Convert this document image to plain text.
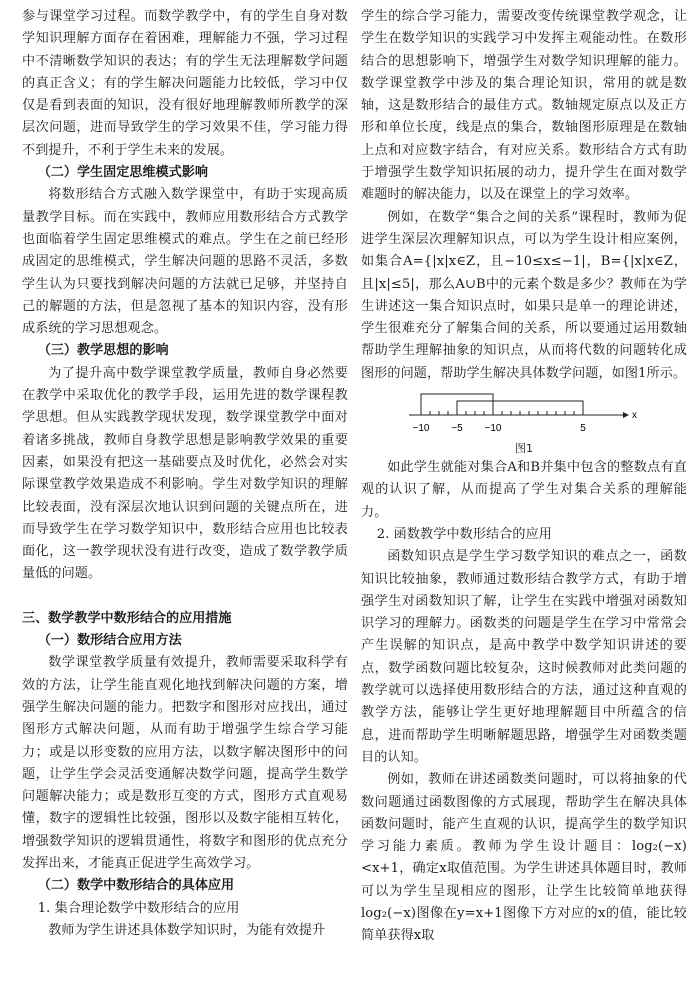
参与课堂学习过程。而数学教学中，有的学生自身对数学知识理解方面存在着困难，理解能力不强，学习过程中不清晰数学知识的表达；有的学生无法理解数学问题的真正含义；有的学生解决问题能力比较低，学习中仅仅是看到表面的知识，没有很好地理解教师所教学的深层次问题，进而导致学生的学习效果不佳，学习能力得不到提升，不利于学生未来的发展。

（二）学生固定思维模式影响

将数形结合方式融入数学课堂中，有助于实现高质量教学目标。而在实践中，教师应用数形结合方式教学也面临着学生固定思维模式的难点。学生在之前已经形成固定的思维模式，学生解决问题的思路不灵活，多数学生认为只要找到解决问题的方法就已足够，并坚持自己的解题的方法，但是忽视了基本的知识内容，没有形成系统的学习思想观念。

（三）教学思想的影响

为了提升高中数学课堂教学质量，教师自身必然要在教学中采取优化的教学手段，运用先进的数学课程教学思想。但从实践教学现状发现，数学课堂教学中面对着诸多挑战，教师自身教学思想是影响教学效果的重要因素，如果没有把这一基础要点及时优化，必然会对实际课堂教学效果造成不利影响。学生对数学知识的理解比较表面，没有深层次地认识到问题的关键点所在，进而导致学生在学习数学知识中，数形结合应用也比较表面化，这一教学现状没有进行改变，造成了数学教学质量低的问题。

三、数学教学中数形结合的应用措施
（一）数形结合应用方法

数学课堂教学质量有效提升，教师需要采取科学有效的方法，让学生能直观化地找到解决问题的方案，增强学生解决问题的能力。把数字和图形对应找出，通过图形方式解决问题，从而有助于增强学生综合学习能力；或是以形变数的应用方法，以数字解决图形中的问题，让学生学会灵活变通解决数学问题，提高学生数学问题解决能力；或是数形互变的方式，图形方式直观易懂，数字的逻辑性比较强，图形以及数字能相互转化，增强数学知识的逻辑贯通性，将数字和图形的优点充分发挥出来，才能真正促进学生高效学习。

（二）数学中数形结合的具体应用

1. 集合理论数学中数形结合的应用

教师为学生讲述具体数学知识时，为能有效提升

学生的综合学习能力，需要改变传统课堂教学观念，让学生在数学知识的实践学习中发挥主观能动性。在数形结合的思想影响下，增强学生对数学知识理解的能力。数学课堂教学中涉及的集合理论知识，常用的就是数轴，这是数形结合的最佳方式。数轴规定原点以及正方形和单位长度，线是点的集合，数轴图形原理是在数轴上点和对应数字结合，有对应关系。数形结合方式有助于增强学生数学知识拓展的动力，提升学生在面对数学难题时的解决能力，以及在课堂上的学习效率。

例如，在数学“集合之间的关系”课程时，教师为促进学生深层次理解知识点，可以为学生设计相应案例，如集合A={|x|x∈Z，且−10≤x≤−1|，B={|x|x∈Z，且|x|≤5|，那么A∪B中的元素个数是多少？教师在为学生讲述这一集合知识点时，如果只是单一的理论讲述，学生很难充分了解集合间的关系，所以要通过运用数轴帮助学生理解抽象的知识点，从而将代数的问题转化成图形的问题，帮助学生解决具体数学问题，如图1所示。

x
−10 −5 −10	5
图1

如此学生就能对集合A和B并集中包含的整数点有直观的认识了解，从而提高了学生对集合关系的理解能力。

2. 函数教学中数形结合的应用

函数知识点是学生学习数学知识的难点之一，函数知识比较抽象，教师通过数形结合教学方式，有助于增强学生对函数知识了解，让学生在实践中增强对函数知识学习的理解力。函数类的问题是学生在学习中常常会产生误解的知识点，是高中教学中数学知识讲述的要点，数学函数问题比较复杂，这时候教师对此类问题的教学就可以选择使用数形结合的方法，通过这种直观的教学方法，能够让学生更好地理解题目中所蕴含的信息，进而帮助学生明晰解题思路，增强学生对函数类题目的认知。

例如，教师在讲述函数类问题时，可以将抽象的代数问题通过函数图像的方式展现，帮助学生在解决具体函数问题时，能产生直观的认识，提高学生的数学知识学习能力素质。教师为学生设计题目：log₂(−x)<x+1，确定x取值范围。为学生讲述具体题目时，教师可以为学生呈现相应的图形，让学生比较简单地获得log₂(−x)图像在y=x+1图像下方对应的x的值，能比较简单获得x取
